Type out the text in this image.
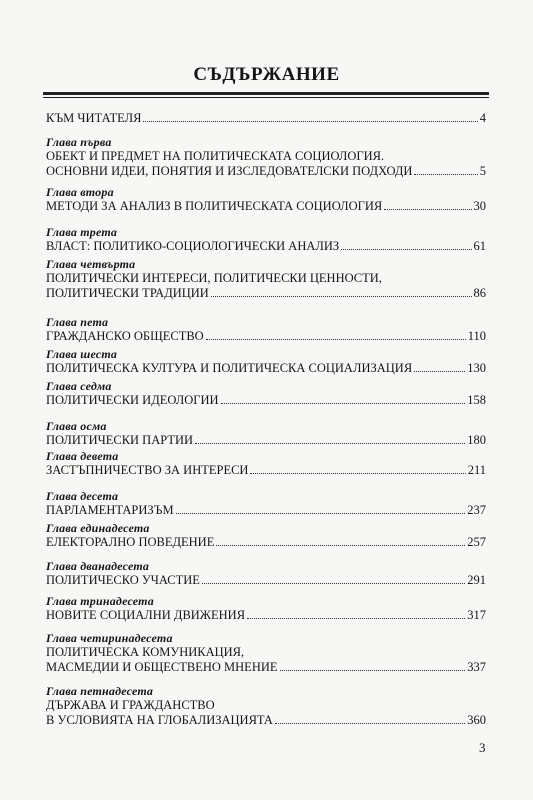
СЪДЪРЖАНИЕ
КЪМ ЧИТАТЕЛЯ	4
Глава първа
ОБЕКТ И ПРЕДМЕТ НА ПОЛИТИЧЕСКАТА СОЦИОЛОГИЯ.
ОСНОВНИ ИДЕИ, ПОНЯТИЯ И ИЗСЛЕДОВАТЕЛСКИ ПОДХОДИ	5
Глава втора
МЕТОДИ ЗА АНАЛИЗ В ПОЛИТИЧЕСКАТА СОЦИОЛОГИЯ	30
Глава трета
ВЛАСТ: ПОЛИТИКО-СОЦИОЛОГИЧЕСКИ АНАЛИЗ	61
Глава четвърта
ПОЛИТИЧЕСКИ ИНТЕРЕСИ, ПОЛИТИЧЕСКИ ЦЕННОСТИ,
ПОЛИТИЧЕСКИ ТРАДИЦИИ	86
Глава пета
ГРАЖДАНСКО ОБЩЕСТВО	110
Глава шеста
ПОЛИТИЧЕСКА КУЛТУРА И ПОЛИТИЧЕСКА СОЦИАЛИЗАЦИЯ	130
Глава седма
ПОЛИТИЧЕСКИ ИДЕОЛОГИИ	158
Глава осма
ПОЛИТИЧЕСКИ ПАРТИИ	180
Глава девета
ЗАСТЪПНИЧЕСТВО ЗА ИНТЕРЕСИ	211
Глава десета
ПАРЛАМЕНТАРИЗЪМ	237
Глава единадесета
ЕЛЕКТОРАЛНО ПОВЕДЕНИЕ	257
Глава дванадесета
ПОЛИТИЧЕСКО УЧАСТИЕ	291
Глава тринадесета
НОВИТЕ СОЦИАЛНИ ДВИЖЕНИЯ	317
Глава четиринадесета
ПОЛИТИЧЕСКА КОМУНИКАЦИЯ,
МАСМЕДИИ И ОБЩЕСТВЕНО МНЕНИЕ	337
Глава петнадесета
ДЪРЖАВА И ГРАЖДАНСТВО
В УСЛОВИЯТА НА ГЛОБАЛИЗАЦИЯТА	360
3
